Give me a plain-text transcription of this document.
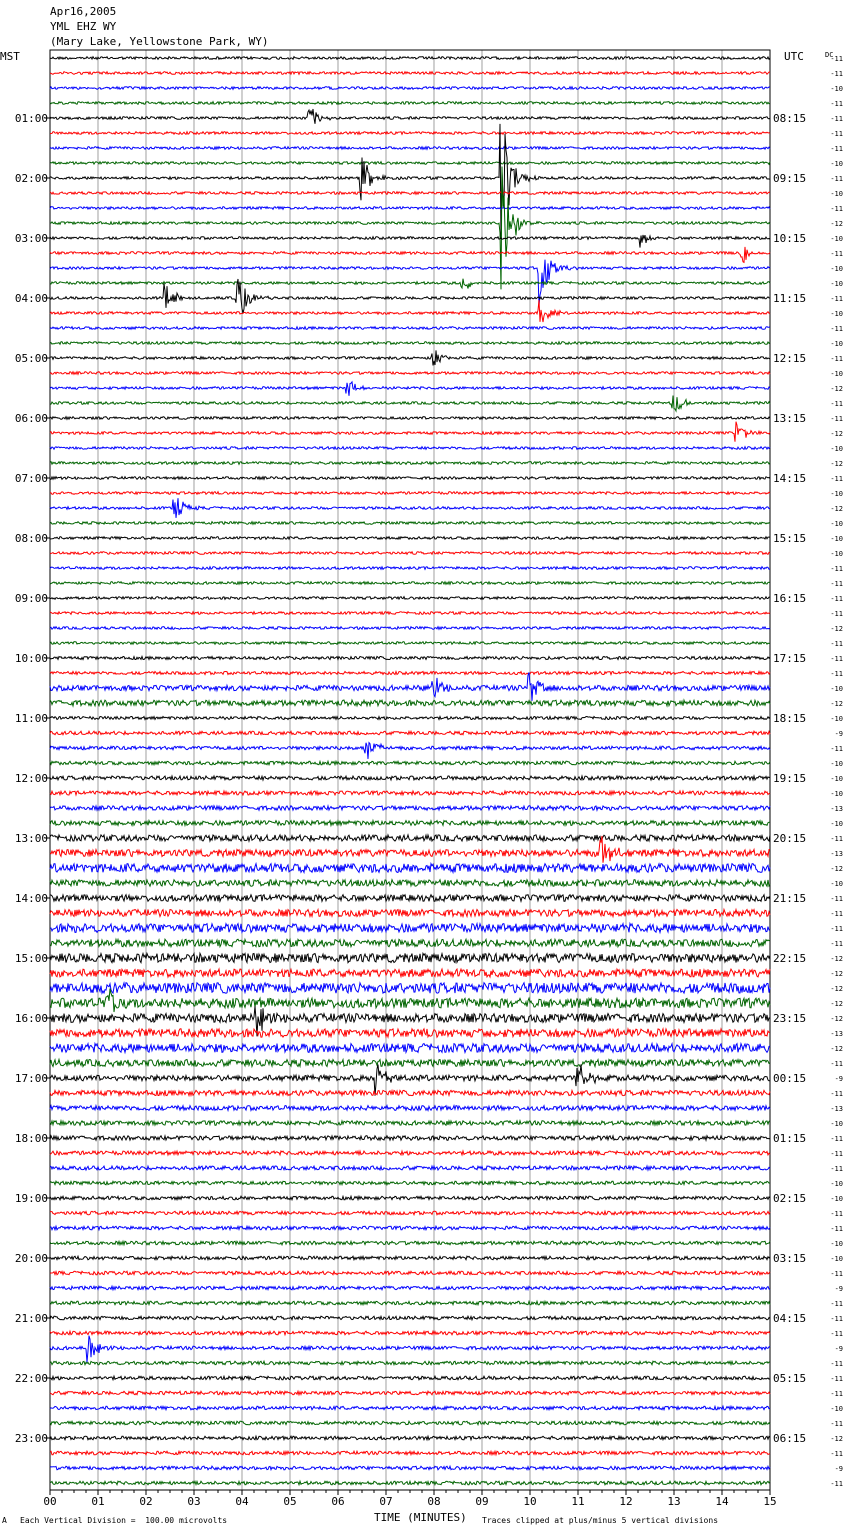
Apr16,2005
YML EHZ WY
(Mary Lake, Yellowstone Park, WY)
-11
-11
-10
-11
-11
-11
-11
-10
-11
-10
-11
-12
-10
-11
-10
-10
-11
-10
-11
-10
-11
-10
-12
-11
-11
-12
-10
-12
-11
-10
-12
-10
-10
-10
-11
-11
-11
-11
-12
-11
-11
-11
-10
-12
-10
-9
-11
-10
-10
-10
-13
-10
-11
-13
-12
-10
-11
-11
-11
-11
-12
-12
-12
-12
-12
-13
-12
-11
-9
-11
-13
-10
-11
-11
-11
-10
-10
-11
-11
-10
-10
-11
-9
-11
-11
-11
-9
-11
-11
-11
-10
-11
-12
-11
-9
-11
01:00
02:00
03:00
04:00
05:00
06:00
07:00
08:00
09:00
10:00
11:00
12:00
13:00
14:00
15:00
16:00
17:00
18:00
19:00
20:00
21:00
22:00
23:00
08:15
09:15
10:15
11:15
12:15
13:15
14:15
15:15
16:15
17:15
18:15
19:15
20:15
21:15
22:15
23:15
00:15
01:15
02:15
03:15
04:15
05:15
06:15
MST	UTC	DC
00	01	02	03	04	05	06	07	08	09	10	11	12	13	14	15
A Each Vertical Division =  100.00 microvolts	TIME (MINUTES) Traces clipped at plus/minus 5 vertical divisions
